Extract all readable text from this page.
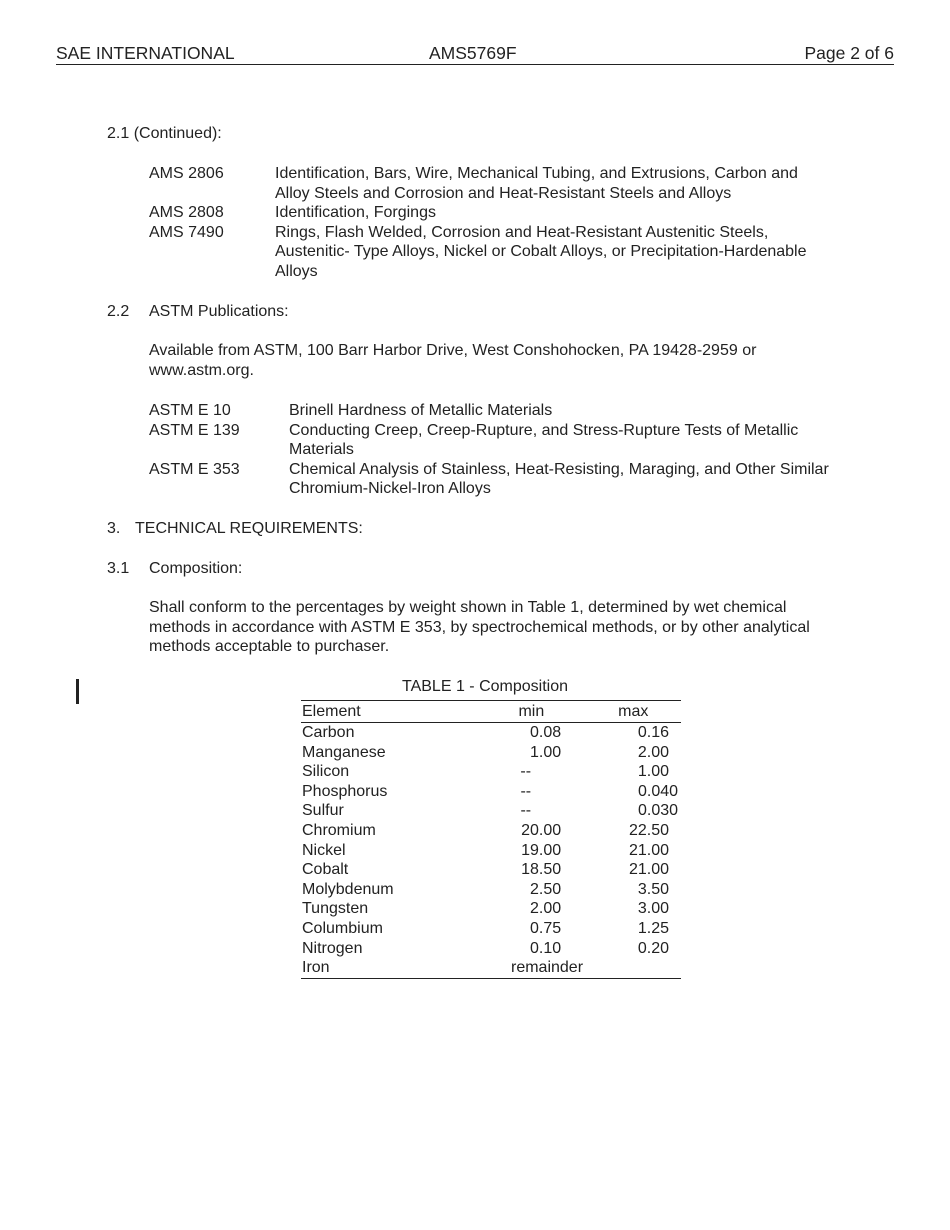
SAE INTERNATIONAL	AMS5769F	Page 2 of 6
2.1 (Continued):
AMS 2806	Identification, Bars, Wire, Mechanical Tubing, and Extrusions, Carbon and
Alloy Steels and Corrosion and Heat-Resistant Steels and Alloys
AMS 2808	Identification, Forgings
AMS 7490	Rings, Flash Welded, Corrosion and Heat-Resistant Austenitic Steels,
Austenitic- Type Alloys, Nickel or Cobalt Alloys, or Precipitation-Hardenable
Alloys
2.2 ASTM Publications:
Available from ASTM, 100 Barr Harbor Drive, West Conshohocken, PA 19428-2959 or
www.astm.org.
ASTM E 10	Brinell Hardness of Metallic Materials
ASTM E 139	Conducting Creep, Creep-Rupture, and Stress-Rupture Tests of Metallic
Materials
ASTM E 353	Chemical Analysis of Stainless, Heat-Resisting, Maraging, and Other Similar
Chromium-Nickel-Iron Alloys
3. TECHNICAL REQUIREMENTS:
3.1 Composition:
Shall conform to the percentages by weight shown in Table 1, determined by wet chemical
methods in accordance with ASTM E 353, by spectrochemical methods, or by other analytical
methods acceptable to purchaser.
TABLE 1 - Composition
Element	min	max
Carbon	0.08	0.16
Manganese	1.00	2.00
Silicon	--	1.00
Phosphorus	--	0.040
Sulfur	--	0.030
Chromium	20.00	22.50
Nickel	19.00	21.00
Cobalt	18.50	21.00
Molybdenum	2.50	3.50
Tungsten	2.00	3.00
Columbium	0.75	1.25
Nitrogen	0.10	0.20
Iron	remainder
